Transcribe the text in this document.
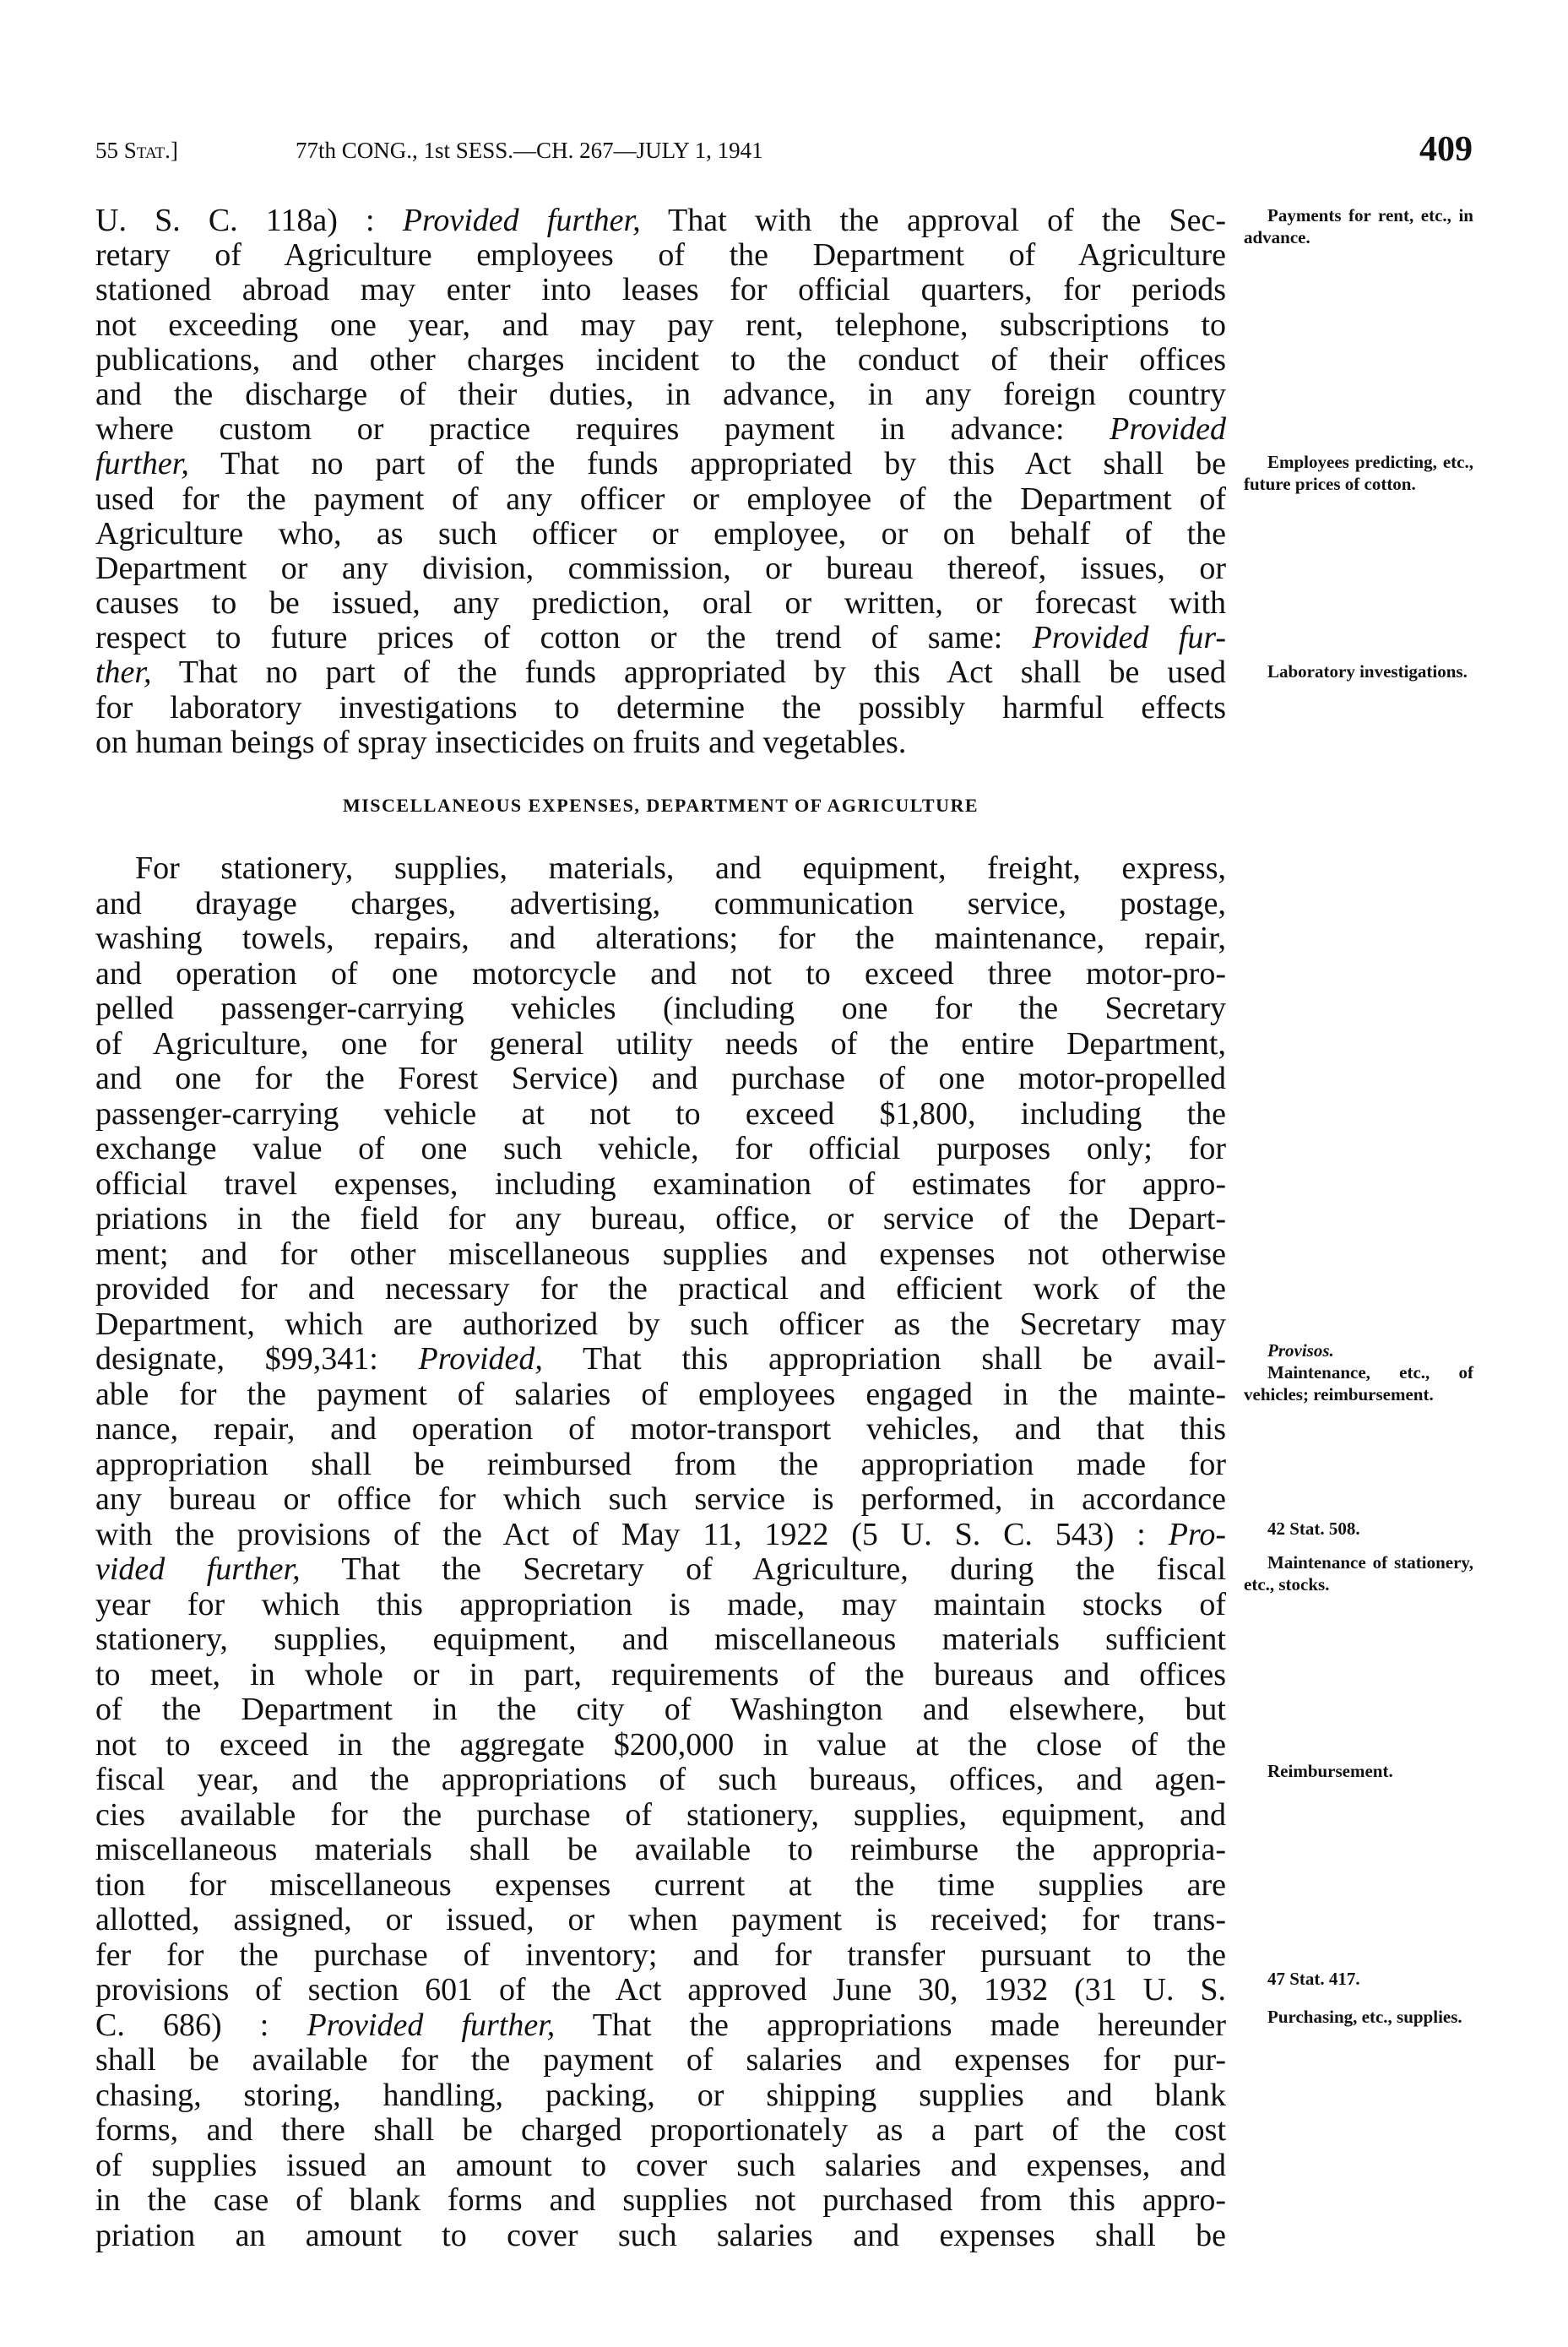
55 Stat.]	77th CONG., 1st SESS.—CH. 267—JULY 1, 1941	409
U. S. C. 118a) : Provided further, That with the approval of the Sec-
retary of Agriculture employees of the Department of Agriculture
stationed abroad may enter into leases for official quarters, for periods
not exceeding one year, and may pay rent, telephone, subscriptions to
publications, and other charges incident to the conduct of their offices
and the discharge of their duties, in advance, in any foreign country
where custom or practice requires payment in advance: Provided
further, That no part of the funds appropriated by this Act shall be
used for the payment of any officer or employee of the Department of
Agriculture who, as such officer or employee, or on behalf of the
Department or any division, commission, or bureau thereof, issues, or
causes to be issued, any prediction, oral or written, or forecast with
respect to future prices of cotton or the trend of same: Provided fur-
ther, That no part of the funds appropriated by this Act shall be used
for laboratory investigations to determine the possibly harmful effects
on human beings of spray insecticides on fruits and vegetables.
MISCELLANEOUS EXPENSES, DEPARTMENT OF AGRICULTURE
For stationery, supplies, materials, and equipment, freight, express,
and drayage charges, advertising, communication service, postage,
washing towels, repairs, and alterations; for the maintenance, repair,
and operation of one motorcycle and not to exceed three motor-pro-
pelled passenger-carrying vehicles (including one for the Secretary
of Agriculture, one for general utility needs of the entire Department,
and one for the Forest Service) and purchase of one motor-propelled
passenger-carrying vehicle at not to exceed $1,800, including the
exchange value of one such vehicle, for official purposes only; for
official travel expenses, including examination of estimates for appro-
priations in the field for any bureau, office, or service of the Depart-
ment; and for other miscellaneous supplies and expenses not otherwise
provided for and necessary for the practical and efficient work of the
Department, which are authorized by such officer as the Secretary may
designate, $99,341: Provided, That this appropriation shall be avail-
able for the payment of salaries of employees engaged in the mainte-
nance, repair, and operation of motor-transport vehicles, and that this
appropriation shall be reimbursed from the appropriation made for
any bureau or office for which such service is performed, in accordance
with the provisions of the Act of May 11, 1922 (5 U. S. C. 543) : Pro-
vided further, That the Secretary of Agriculture, during the fiscal
year for which this appropriation is made, may maintain stocks of
stationery, supplies, equipment, and miscellaneous materials sufficient
to meet, in whole or in part, requirements of the bureaus and offices
of the Department in the city of Washington and elsewhere, but
not to exceed in the aggregate $200,000 in value at the close of the
fiscal year, and the appropriations of such bureaus, offices, and agen-
cies available for the purchase of stationery, supplies, equipment, and
miscellaneous materials shall be available to reimburse the appropria-
tion for miscellaneous expenses current at the time supplies are
allotted, assigned, or issued, or when payment is received; for trans-
fer for the purchase of inventory; and for transfer pursuant to the
provisions of section 601 of the Act approved June 30, 1932 (31 U. S.
C. 686) : Provided further, That the appropriations made hereunder
shall be available for the payment of salaries and expenses for pur-
chasing, storing, handling, packing, or shipping supplies and blank
forms, and there shall be charged proportionately as a part of the cost
of supplies issued an amount to cover such salaries and expenses, and
in the case of blank forms and supplies not purchased from this appro-
priation an amount to cover such salaries and expenses shall be
Payments for rent, etc., in advance.
Employees predicting, etc., future prices of cotton.
Laboratory investigations.
Provisos.
Maintenance, etc., of vehicles; reimbursement.
42 Stat. 508.
Maintenance of stationery, etc., stocks.
Reimbursement.
47 Stat. 417.
Purchasing, etc., supplies.
